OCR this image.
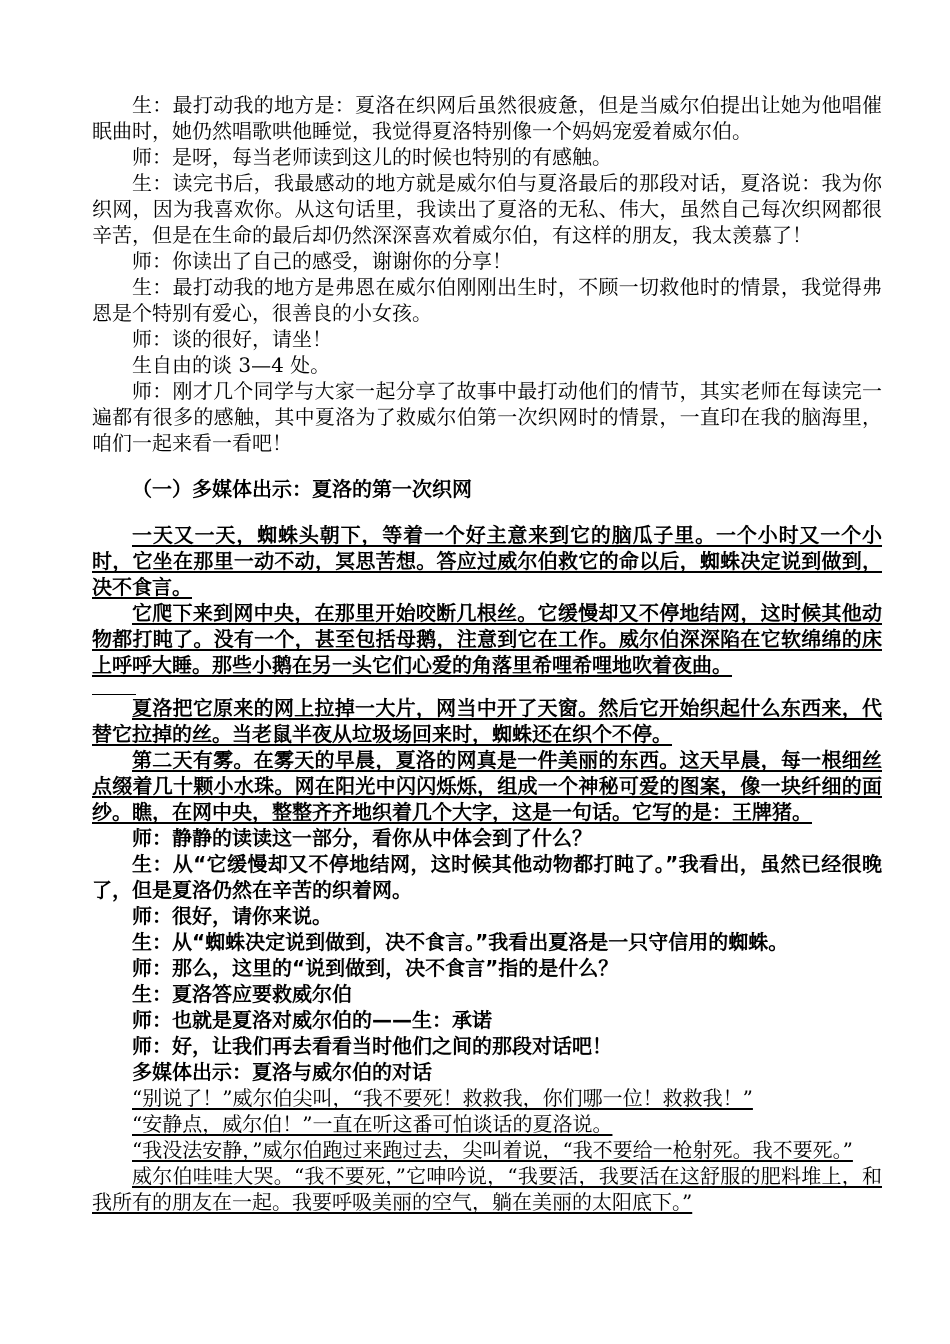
生：最打动我的地方是：夏洛在织网后虽然很疲惫，但是当威尔伯提出让她为他唱催眠曲时，她仍然唱歌哄他睡觉，我觉得夏洛特别像一个妈妈宠爱着威尔伯。

师：是呀，每当老师读到这儿的时候也特别的有感触。

生：读完书后，我最感动的地方就是威尔伯与夏洛最后的那段对话，夏洛说：我为你织网，因为我喜欢你。从这句话里，我读出了夏洛的无私、伟大，虽然自己每次织网都很辛苦，但是在生命的最后却仍然深深喜欢着威尔伯，有这样的朋友，我太羡慕了！

师：你读出了自己的感受，谢谢你的分享！

生：最打动我的地方是弗恩在威尔伯刚刚出生时，不顾一切救他时的情景，我觉得弗恩是个特别有爱心，很善良的小女孩。

师：谈的很好，请坐！

生自由的谈 3—4 处。

师：刚才几个同学与大家一起分享了故事中最打动他们的情节，其实老师在每读完一遍都有很多的感触，其中夏洛为了救威尔伯第一次织网时的情景，一直印在我的脑海里，咱们一起来看一看吧！

（一）多媒体出示：夏洛的第一次织网

一天又一天，蜘蛛头朝下，等着一个好主意来到它的脑瓜子里。一个小时又一个小时，它坐在那里一动不动，冥思苦想。答应过威尔伯救它的命以后，蜘蛛决定说到做到，决不食言。

它爬下来到网中央，在那里开始咬断几根丝。它缓慢却又不停地结网，这时候其他动物都打盹了。没有一个，甚至包括母鹅，注意到它在工作。威尔伯深深陷在它软绵绵的床上呼呼大睡。那些小鹅在另一头它们心爱的角落里希哩希哩地吹着夜曲。

夏洛把它原来的网上拉掉一大片，网当中开了天窗。然后它开始织起什么东西来，代替它拉掉的丝。当老鼠半夜从垃圾场回来时，蜘蛛还在织个不停。

第二天有雾。在雾天的早晨，夏洛的网真是一件美丽的东西。这天早晨，每一根细丝点缀着几十颗小水珠。网在阳光中闪闪烁烁，组成一个神秘可爱的图案，像一块纤细的面纱。瞧，在网中央，整整齐齐地织着几个大字，这是一句话。它写的是：王牌猪。

师：静静的读读这一部分，看你从中体会到了什么？

生：从“它缓慢却又不停地结网，这时候其他动物都打盹了。”我看出，虽然已经很晚了，但是夏洛仍然在辛苦的织着网。

师：很好，请你来说。

生：从“蜘蛛决定说到做到，决不食言。”我看出夏洛是一只守信用的蜘蛛。

师：那么，这里的“说到做到，决不食言”指的是什么？

生：夏洛答应要救威尔伯

师：也就是夏洛对威尔伯的——生：承诺

师：好，让我们再去看看当时他们之间的那段对话吧！

多媒体出示：夏洛与威尔伯的对话

“别说了！”威尔伯尖叫，“我不要死！救救我，你们哪一位！救救我！”

“安静点，威尔伯！”一直在听这番可怕谈话的夏洛说。

“我没法安静，”威尔伯跑过来跑过去，尖叫着说，“我不要给一枪射死。我不要死。”

威尔伯哇哇大哭。“我不要死，”它呻吟说，“我要活，我要活在这舒服的肥料堆上，和我所有的朋友在一起。我要呼吸美丽的空气，躺在美丽的太阳底下。”
